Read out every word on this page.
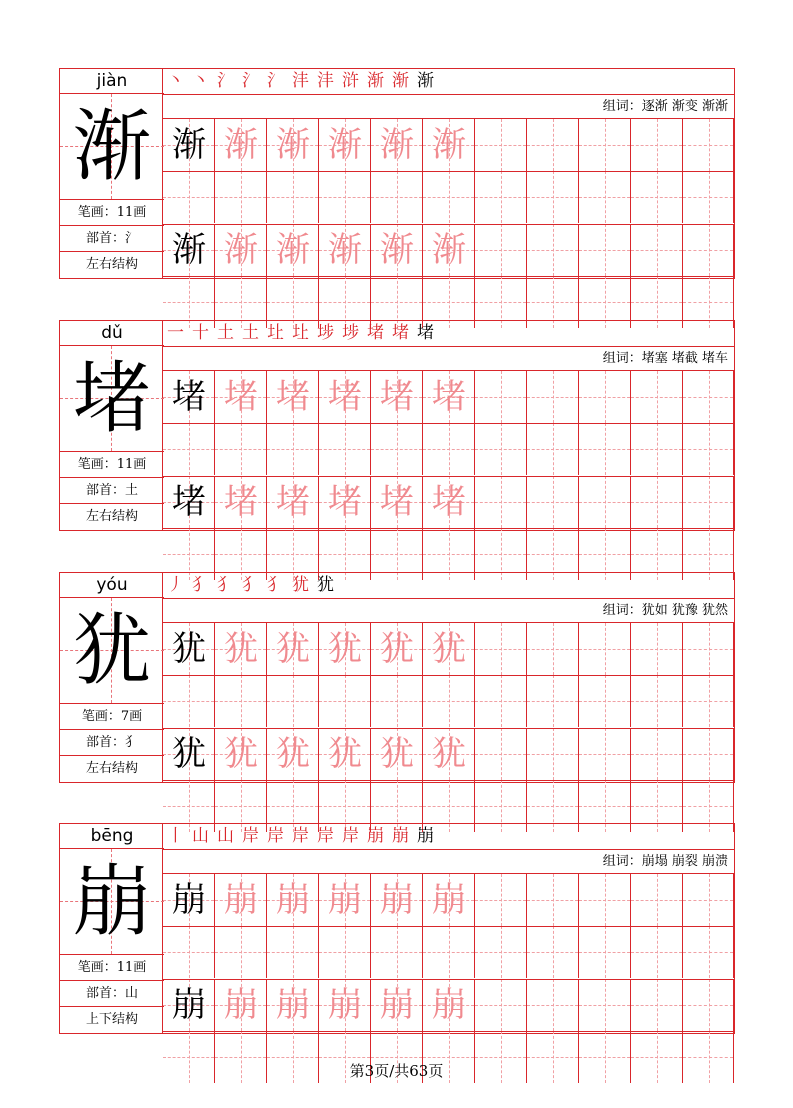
jiàn
渐
笔画：11画
部首：氵
左右结构
丶 丶 氵 氵 氵 沣 沣 浒 渐 渐 渐
组词：逐渐 渐变 渐渐
渐 渐 渐 渐 渐 渐
渐 渐 渐 渐 渐 渐
dǔ
堵
笔画：11画
部首：土
左右结构
一 十 土 土 圵 圵 埗 埗 堵 堵 堵
组词：堵塞 堵截 堵车
堵 堵 堵 堵 堵 堵
堵 堵 堵 堵 堵 堵
yóu
犹
笔画：7画
部首：犭
左右结构
丿 犭 犭 犭 犭 犹 犹
组词：犹如 犹豫 犹然
犹 犹 犹 犹 犹 犹
犹 犹 犹 犹 犹 犹
bēng
崩
笔画：11画
部首：山
上下结构
丨 山 山 岸 岸 岸 岸 岸 崩 崩 崩
组词：崩塌 崩裂 崩溃
崩 崩 崩 崩 崩 崩
崩 崩 崩 崩 崩 崩
第3页/共63页
